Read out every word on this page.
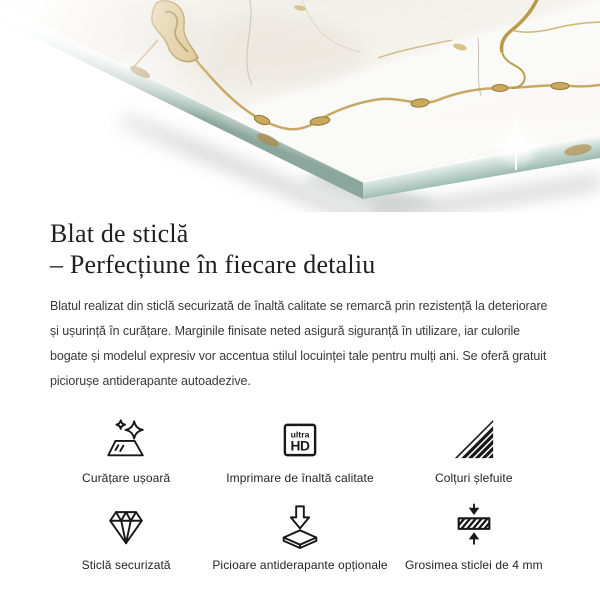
Blat de sticlă
– Perfecțiune în fiecare detaliu

Blatul realizat din sticlă securizată de înaltă calitate se remarcă prin rezistență la deteriorare și ușurință în curățare. Marginile finisate neted asigură siguranță în utilizare, iar culorile bogate și modelul expresiv vor accentua stilul locuinței tale pentru mulți ani. Se oferă gratuit piciorușe antiderapante autoadezive.

Curățare ușoară
ultra
HD
Imprimare de înaltă calitate	Colțuri șlefuite
Sticlă securizată	Picioare antiderapante opționale Grosimea sticlei de 4 mm
